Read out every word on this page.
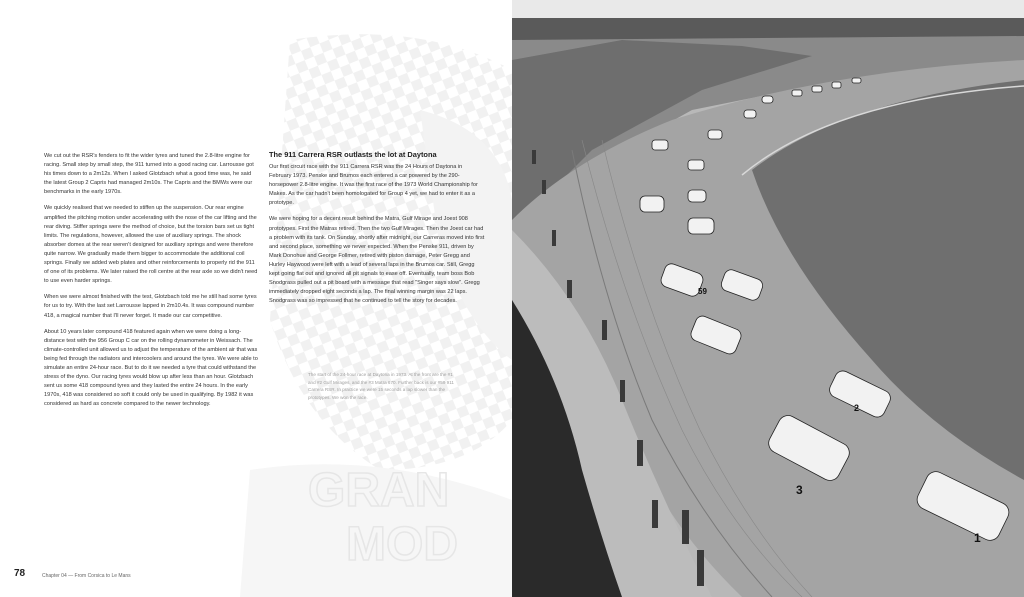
GRAN
MOD

We cut out the RSR's fenders to fit the wider tyres and tuned the 2.8-litre engine for racing. Small step by small step, the 911 turned into a good racing car. Larrousse got his times down to a 2m12s. When I asked Glotzbach what a good time was, he said the latest Group 2 Capris had managed 2m10s. The Capris and the BMWs were our benchmarks in the early 1970s.

We quickly realised that we needed to stiffen up the suspension. Our rear engine amplified the pitching motion under accelerating with the nose of the car lifting and the rear diving. Stiffer springs were the method of choice, but the torsion bars set us tight limits. The regulations, however, allowed the use of auxiliary springs. The shock absorber domes at the rear weren't designed for auxiliary springs and were therefore quite narrow. We gradually made them bigger to accommodate the additional coil springs. Finally we added web plates and other reinforcements to properly rid the 911 of one of its problems. We later raised the roll centre at the rear axle so we didn't need to use even harder springs.

When we were almost finished with the test, Glotzbach told me he still had some tyres for us to try. With the last set Larrousse lapped in 2m10.4s. It was compound number 418, a magical number that I'll never forget. It made our car competitive.

About 10 years later compound 418 featured again when we were doing a long-distance test with the 956 Group C car on the rolling dynamometer in Weissach. The climate-controlled unit allowed us to adjust the temperature of the ambient air that was being fed through the radiators and intercoolers and around the tyres. We were able to simulate an entire 24-hour race. But to do it we needed a tyre that could withstand the stress of the dyno. Our racing tyres would blow up after less than an hour. Glotzbach sent us some 418 compound tyres and they lasted the entire 24 hours. In the early 1970s, 418 was considered so soft it could only be used in qualifying. By 1982 it was considered as hard as concrete compared to the newer technology.

The 911 Carrera RSR outlasts the lot at Daytona

Our first circuit race with the 911 Carrera RSR was the 24 Hours of Daytona in February 1973. Penske and Brumos each entered a car powered by the 290-horsepower 2.8-litre engine. It was the first race of the 1973 World Championship for Makes. As the car hadn't been homologated for Group 4 yet, we had to enter it as a prototype.

We were hoping for a decent result behind the Matra, Gulf Mirage and Joest 908 prototypes. First the Matras retired. Then the two Gulf Mirages. Then the Joest car had a problem with its tank. On Sunday, shortly after midnight, our Carreras moved into first and second place, something we never expected. When the Penske 911, driven by Mark Donohue and George Follmer, retired with piston damage, Peter Gregg and Hurley Haywood were left with a lead of several laps in the Brumos car. Still, Gregg kept going flat out and ignored all pit signals to ease off. Eventually, team boss Bob Snodgrass pulled out a pit board with a message that read "Singer says slow". Gregg immediately dropped eight seconds a lap. The final winning margin was 22 laps. Snodgrass was so impressed that he continued to tell the story for decades.

The start of the 24-hour race at Daytona in 1973. At the front are the #1 and #2 Gulf Mirages, and the #3 Matra 670. Further back is our #59 911 Carrera RSR. In practice we were 15 seconds a lap slower than the prototypes. We won the race.
78	Chapter 04 — From Corsica to Le Mans
3
1
2
59
